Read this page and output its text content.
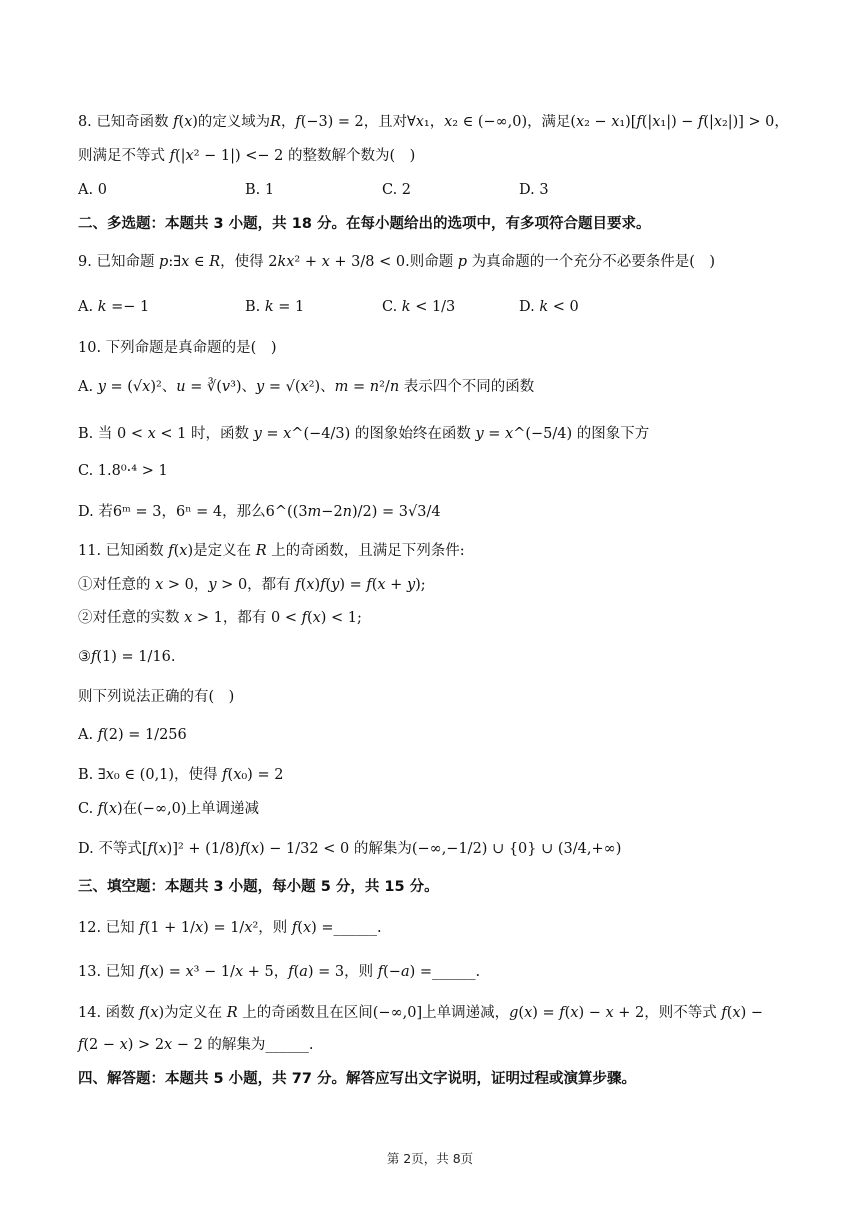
8. 已知奇函数 𝑓(𝑥)的定义域为𝑅，𝑓(−3) = 2，且对∀𝑥₁，𝑥₂ ∈ (−∞,0)，满足(𝑥₂ − 𝑥₁)[𝑓(|𝑥₁|) − 𝑓(|𝑥₂|)] > 0，
则满足不等式 𝑓(|𝑥² − 1|) <− 2 的整数解个数为(　)
A. 0	B. 1	C. 2	D. 3
二、多选题：本题共 3 小题，共 18 分。在每小题给出的选项中，有多项符合题目要求。
9. 已知命题 𝑝:∃𝑥 ∈ 𝑅，使得 2𝑘𝑥² + 𝑥 + 3/8 < 0.则命题 𝑝 为真命题的一个充分不必要条件是(　)
A. 𝑘 =− 1	B. 𝑘 = 1	C. 𝑘 < 1/3	D. 𝑘 < 0
10. 下列命题是真命题的是(　)
A. 𝑦 = (√𝑥)²、𝑢 = ∛(𝑣³)、𝑦 = √(𝑥²)、𝑚 = 𝑛²/𝑛 表示四个不同的函数
B. 当 0 < 𝑥 < 1 时，函数 𝑦 = 𝑥^(−4/3) 的图象始终在函数 𝑦 = 𝑥^(−5/4) 的图象下方
C. 1.8⁰·⁴ > 1
D. 若6ᵐ = 3，6ⁿ = 4，那么6^((3𝑚−2𝑛)/2) = 3√3/4
11. 已知函数 𝑓(𝑥)是定义在 𝑅 上的奇函数，且满足下列条件:
①对任意的 𝑥 > 0，𝑦 > 0，都有 𝑓(𝑥)𝑓(𝑦) = 𝑓(𝑥 + 𝑦);
②对任意的实数 𝑥 > 1，都有 0 < 𝑓(𝑥) < 1;
③𝑓(1) = 1/16.
则下列说法正确的有(　)
A. 𝑓(2) = 1/256
B. ∃𝑥₀ ∈ (0,1)，使得 𝑓(𝑥₀) = 2
C. 𝑓(𝑥)在(−∞,0)上单调递减
D. 不等式[𝑓(𝑥)]² + (1/8)𝑓(𝑥) − 1/32 < 0 的解集为(−∞,−1/2) ∪ {0} ∪ (3/4,+∞)
三、填空题：本题共 3 小题，每小题 5 分，共 15 分。
12. 已知 𝑓(1 + 1/𝑥) = 1/𝑥²，则 𝑓(𝑥) =______.
13. 已知 𝑓(𝑥) = 𝑥³ − 1/𝑥 + 5，𝑓(𝑎) = 3，则 𝑓(−𝑎) =______.
14. 函数 𝑓(𝑥)为定义在 𝑅 上的奇函数且在区间(−∞,0]上单调递减，𝑔(𝑥) = 𝑓(𝑥) − 𝑥 + 2，则不等式 𝑓(𝑥) −
𝑓(2 − 𝑥) > 2𝑥 − 2 的解集为______.
四、解答题：本题共 5 小题，共 77 分。解答应写出文字说明，证明过程或演算步骤。
第 2页，共 8页
